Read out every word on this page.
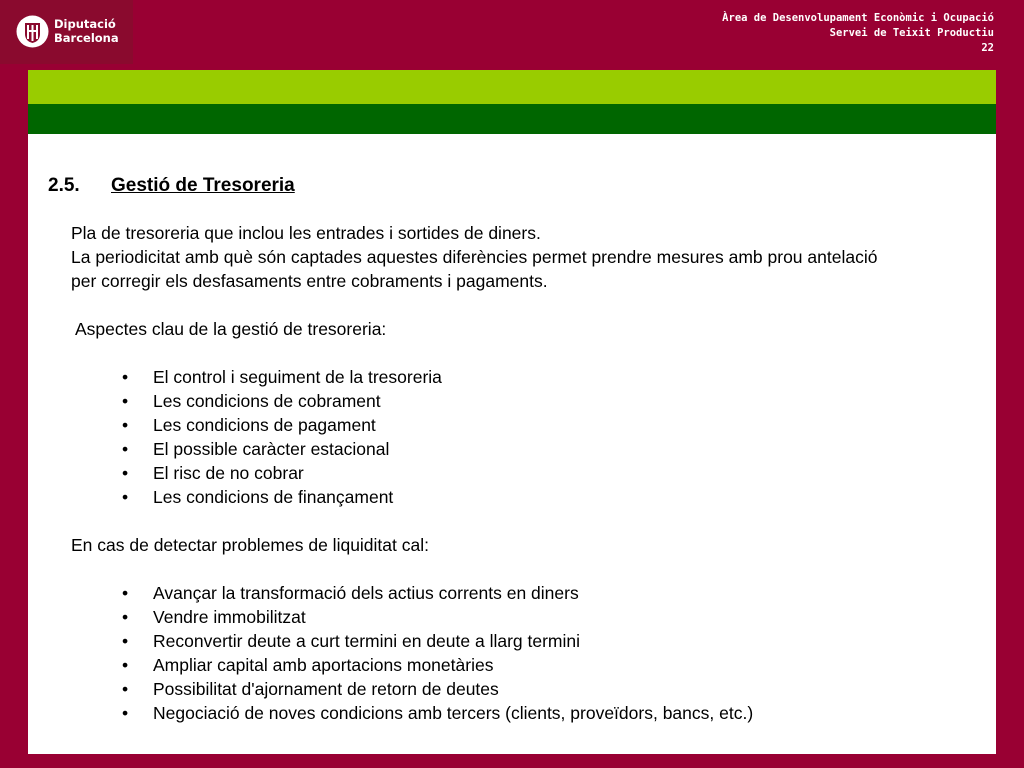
Diputació
Barcelona
Àrea de Desenvolupament Econòmic i Ocupació
Servei de Teixit Productiu
22
2.5. Gestió de Tresoreria

Pla de tresoreria que inclou les entrades i sortides de diners.

La periodicitat amb què són captades aquestes diferències permet prendre mesures amb prou antelació

per corregir els desfasaments entre cobraments i pagaments.

Aspectes clau de la gestió de tresoreria:

• El control i seguiment de la tresoreria
• Les condicions de cobrament
• Les condicions de pagament
• El possible caràcter estacional
• El risc de no cobrar
• Les condicions de finançament

En cas de detectar problemes de liquiditat cal:

• Avançar la transformació dels actius corrents en diners
• Vendre immobilitzat
• Reconvertir deute a curt termini en deute a llarg termini
• Ampliar capital amb aportacions monetàries
• Possibilitat d'ajornament de retorn de deutes
• Negociació de noves condicions amb tercers (clients, proveïdors, bancs, etc.)
